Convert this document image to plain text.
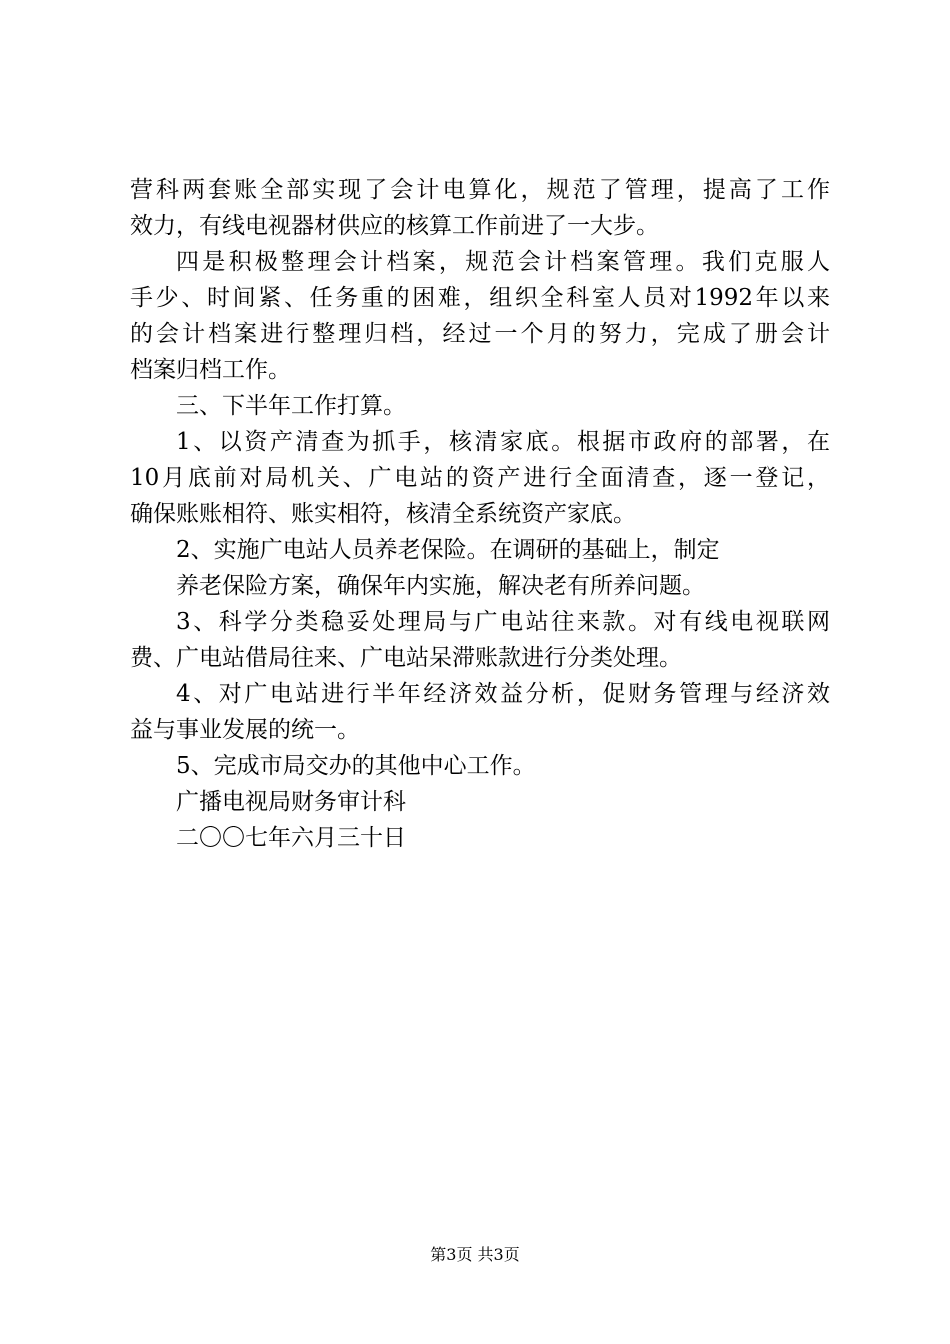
营科两套账全部实现了会计电算化，规范了管理，提高了工作
效力，有线电视器材供应的核算工作前进了一大步。
四是积极整理会计档案，规范会计档案管理。我们克服人
手少、时间紧、任务重的困难，组织全科室人员对1992年以来
的会计档案进行整理归档，经过一个月的努力，完成了册会计
档案归档工作。
三、下半年工作打算。
1、以资产清查为抓手，核清家底。根据市政府的部署，在
10月底前对局机关、广电站的资产进行全面清查，逐一登记，
确保账账相符、账实相符，核清全系统资产家底。
2、实施广电站人员养老保险。在调研的基础上，制定
养老保险方案，确保年内实施，解决老有所养问题。
3、科学分类稳妥处理局与广电站往来款。对有线电视联网
费、广电站借局往来、广电站呆滞账款进行分类处理。
4、对广电站进行半年经济效益分析，促财务管理与经济效
益与事业发展的统一。
5、完成市局交办的其他中心工作。
广播电视局财务审计科
二〇〇七年六月三十日
第3页 共3页
